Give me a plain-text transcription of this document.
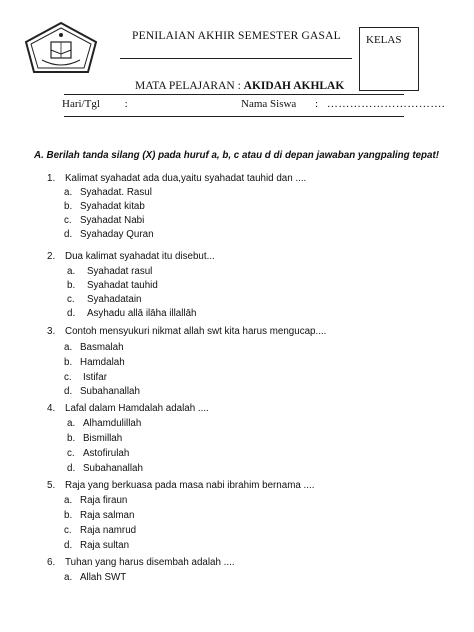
PENILAIAN AKHIR SEMESTER GASAL	KELAS
MATA PELAJARAN : AKIDAH AKHLAK
Hari/Tgl :	Nama Siswa : ………………………….
A. Berilah tanda silang (X) pada huruf a, b, c atau d di depan jawaban yangpaling tepat!
1. Kalimat syahadat ada dua,yaitu syahadat tauhid dan ....
a. Syahadat. Rasul
b. Syahadat kitab
c. Syahadat Nabi
d. Syahaday Quran
2. Dua kalimat syahadat itu disebut...
a. Syahadat rasul
b. Syahadat tauhid
c. Syahadatain
d. Asyhadu allā ilāha illallāh
3. Contoh mensyukuri nikmat allah swt kita harus mengucap....
a. Basmalah
b. Hamdalah
c. Istifar
d. Subahanallah
4. Lafal dalam Hamdalah adalah ....
a. Alhamdulillah
b. Bismillah
c. Astofirulah
d. Subahanallah
5. Raja yang berkuasa pada masa nabi ibrahim bernama ....
a. Raja firaun
b. Raja salman
c. Raja namrud
d. Raja sultan
6. Tuhan yang harus disembah adalah ....
a. Allah SWT
